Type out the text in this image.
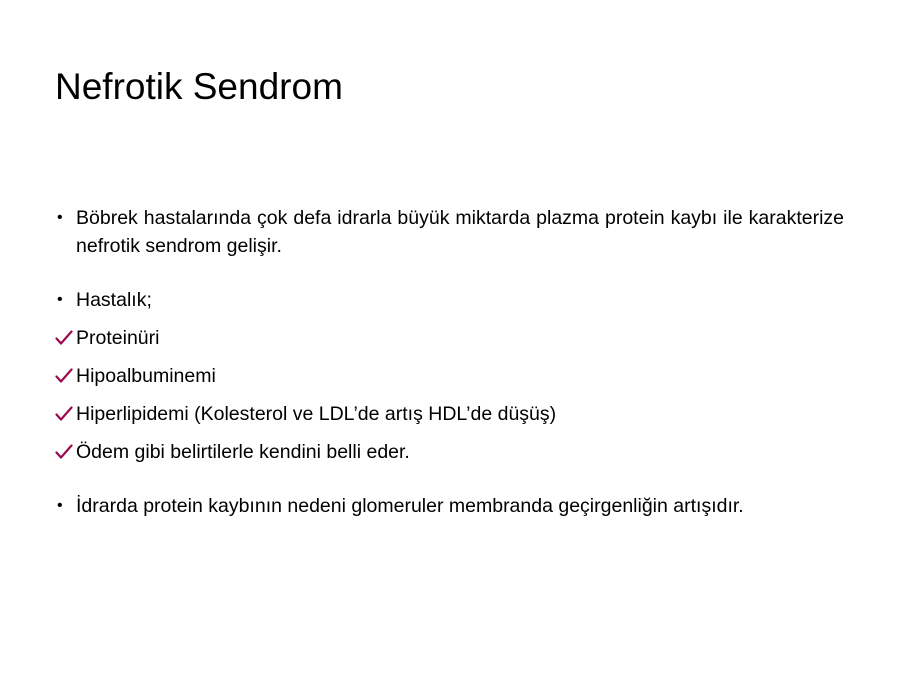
Nefrotik Sendrom
• Böbrek hastalarında çok defa idrarla büyük miktarda plazma protein kaybı ile karakterize nefrotik sendrom gelişir.
• Hastalık;
Proteinüri
Hipoalbuminemi
Hiperlipidemi (Kolesterol ve LDL’de artış HDL’de düşüş)
Ödem gibi belirtilerle kendini belli eder.
• İdrarda protein kaybının nedeni glomeruler membranda geçirgenliğin artışıdır.
